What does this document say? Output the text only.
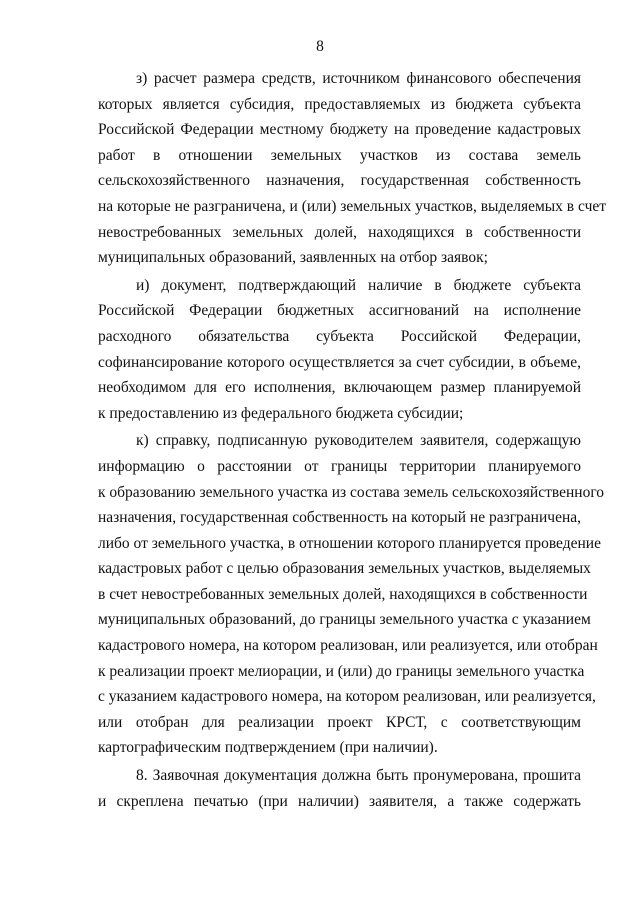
8
з) расчет размера средств, источником финансового обеспечения
которых является субсидия, предоставляемых из бюджета субъекта
Российской Федерации местному бюджету на проведение кадастровых
работ в отношении земельных участков из состава земель
сельскохозяйственного назначения, государственная собственность
на которые не разграничена, и (или) земельных участков, выделяемых в счет
невостребованных земельных долей, находящихся в собственности
муниципальных образований, заявленных на отбор заявок;
и) документ, подтверждающий наличие в бюджете субъекта
Российской Федерации бюджетных ассигнований на исполнение
расходного обязательства субъекта Российской Федерации,
софинансирование которого осуществляется за счет субсидии, в объеме,
необходимом для его исполнения, включающем размер планируемой
к предоставлению из федерального бюджета субсидии;
к) справку, подписанную руководителем заявителя, содержащую
информацию о расстоянии от границы территории планируемого
к образованию земельного участка из состава земель сельскохозяйственного
назначения, государственная собственность на который не разграничена,
либо от земельного участка, в отношении которого планируется проведение
кадастровых работ с целью образования земельных участков, выделяемых
в счет невостребованных земельных долей, находящихся в собственности
муниципальных образований, до границы земельного участка с указанием
кадастрового номера, на котором реализован, или реализуется, или отобран
к реализации проект мелиорации, и (или) до границы земельного участка
с указанием кадастрового номера, на котором реализован, или реализуется,
или отобран для реализации проект КРСТ, с соответствующим
картографическим подтверждением (при наличии).
8. Заявочная документация должна быть пронумерована, прошита
и скреплена печатью (при наличии) заявителя, а также содержать
